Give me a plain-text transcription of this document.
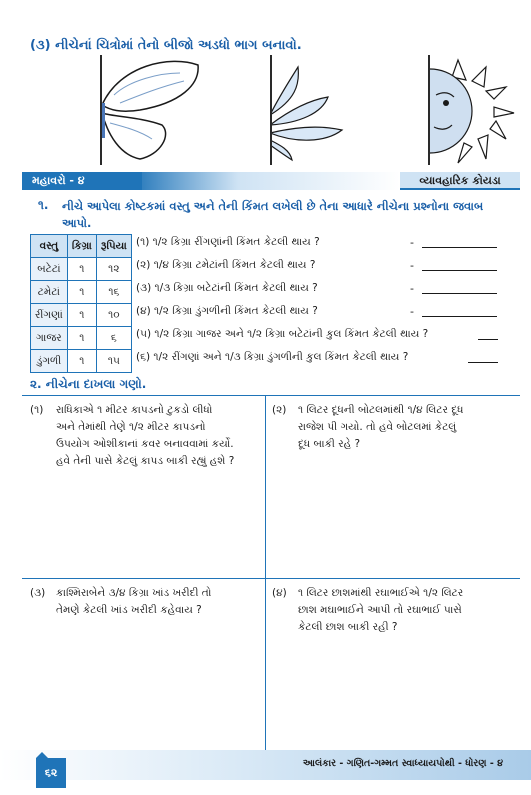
(૩) નીચેનાં ચિત્રોમાં તેનો બીજો અડધો ભાગ બનાવો.
મહાવરો - ૪	વ્યાવહારિક કોયડા
૧. નીચે આપેલા કોષ્ટકમાં વસ્તુ અને તેની કિંમત લખેલી છે તેના આધારે નીચેના પ્રશ્નોના જવાબ આપો.
વસ્તુ	કિગ્રા	રૂપિયા
બટેટાં	૧	૧૨
ટમેટાં	૧	૧૬
રીંગણાં	૧	૧૦
ગાજર	૧	૬
ડુંગળી	૧	૧૫
(૧) ૧/૨ કિગ્રા રીંગણાંની કિંમત કેટલી થાય ?	-
(૨) ૧/૪ કિગ્રા ટમેટાંની કિંમત કેટલી થાય ?	-
(૩) ૧/૩ કિગ્રા બટેટાંની કિંમત કેટલી થાય ?	-
(૪) ૧/૨ કિગ્રા ડુંગળીની કિંમત કેટલી થાય ?	-
(૫) ૧/૨ કિગ્રા ગાજર અને ૧/૨ કિગ્રા બટેટાંની કુલ કિંમત કેટલી થાય ?
(૬) ૧/૨ રીંગણાં અને ૧/૩ કિગ્રા ડુંગળીની કુલ કિંમત કેટલી થાય ?
૨. નીચેના દાખલા ગણો.
(૧) રાધિકાએ ૧ મીટર કાપડનો ટુકડો લીધો
અને તેમાંથી તેણે ૧/૨ મીટર કાપડનો
ઉપયોગ ઓશીકાનાં કવર બનાવવામાં કર્યો.
હવે તેની પાસે કેટલું કાપડ બાકી રહ્યું હશે ?
(૨) ૧ લિટર દૂધની બોટલમાંથી ૧/૪ લિટર દૂધ
રાજેશ પી ગયો. તો હવે બોટલમાં કેટલું
દૂધ બાકી રહે ?
(૩) કાશ્મિરાબેને ૩/૪ કિગ્રા ખાંડ ખરીદી તો
તેમણે કેટલી ખાંડ ખરીદી કહેવાય ?
(૪) ૧ લિટર છાશમાંથી રઘાભાઈએ ૧/૨ લિટર
છાશ મઘાભાઈને આપી તો રઘાભાઈ પાસે
કેટલી છાશ બાકી રહી ?
આલંકાર - ગણિત-ગમ્મત સ્વાધ્યાયપોથી - ધોરણ - ૪
૬૨
